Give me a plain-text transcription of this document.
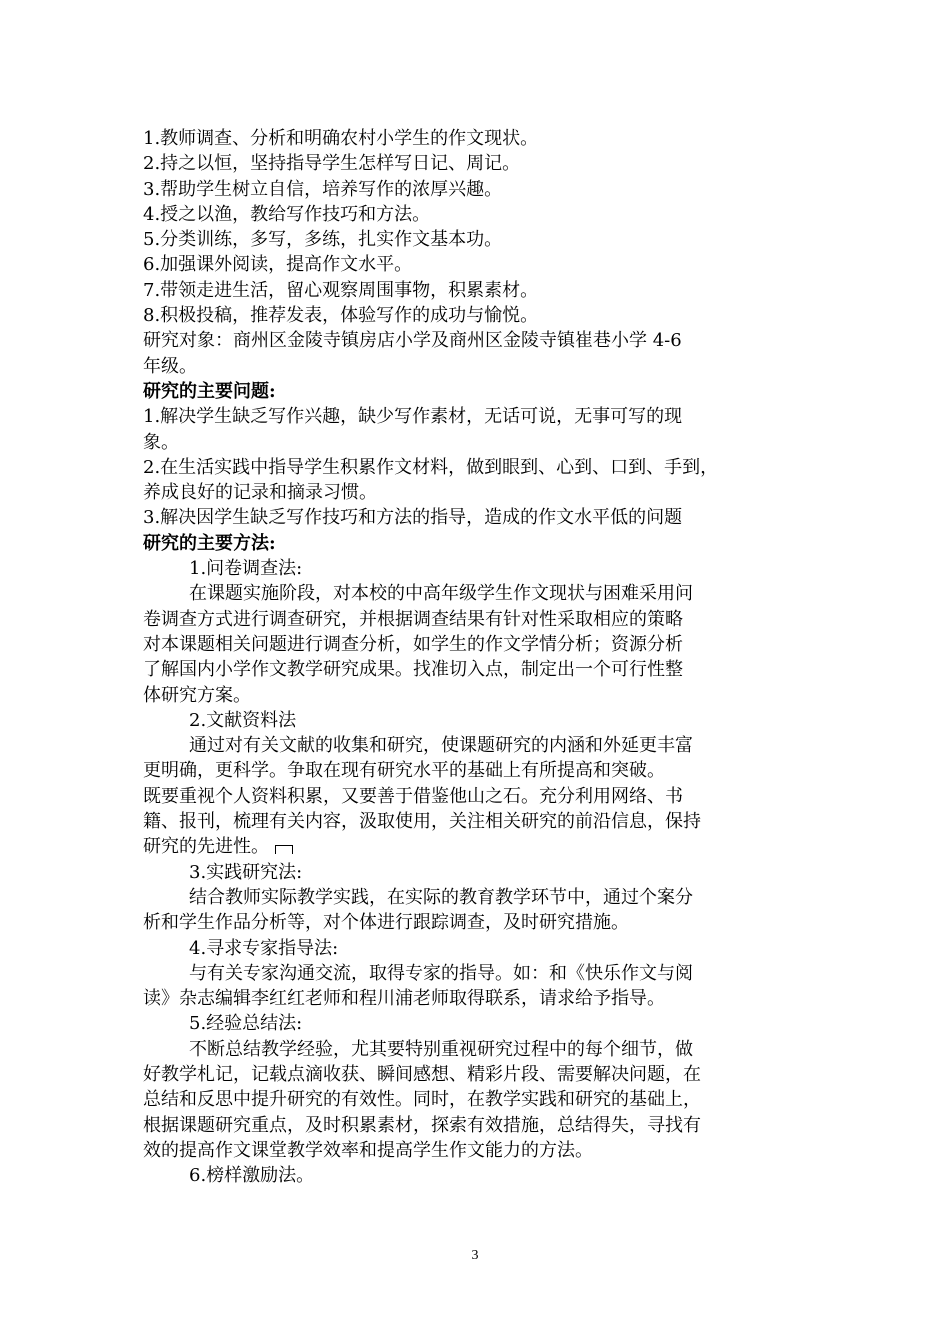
1.教师调查、分析和明确农村小学生的作文现状。
2.持之以恒，坚持指导学生怎样写日记、周记。
3.帮助学生树立自信，培养写作的浓厚兴趣。
4.授之以渔，教给写作技巧和方法。
5.分类训练，多写，多练，扎实作文基本功。
6.加强课外阅读，提高作文水平。
7.带领走进生活，留心观察周围事物，积累素材。
8.积极投稿，推荐发表，体验写作的成功与愉悦。
研究对象：商州区金陵寺镇房店小学及商州区金陵寺镇崔巷小学 4-6
年级。
研究的主要问题:
1.解决学生缺乏写作兴趣，缺少写作素材，无话可说，无事可写的现
象。
2.在生活实践中指导学生积累作文材料，做到眼到、心到、口到、手到，
养成良好的记录和摘录习惯。
3.解决因学生缺乏写作技巧和方法的指导，造成的作文水平低的问题
研究的主要方法:
1.问卷调查法:
在课题实施阶段，对本校的中高年级学生作文现状与困难采用问
卷调查方式进行调查研究，并根据调查结果有针对性采取相应的策略
对本课题相关问题进行调查分析，如学生的作文学情分析；资源分析
了解国内小学作文教学研究成果。找准切入点，制定出一个可行性整
体研究方案。
2.文献资料法
通过对有关文献的收集和研究，使课题研究的内涵和外延更丰富
更明确，更科学。争取在现有研究水平的基础上有所提高和突破。
既要重视个人资料积累，又要善于借鉴他山之石。充分利用网络、书
籍、报刊，梳理有关内容，汲取使用，关注相关研究的前沿信息，保持
研究的先进性。
3.实践研究法:
结合教师实际教学实践，在实际的教育教学环节中，通过个案分
析和学生作品分析等，对个体进行跟踪调查，及时研究措施。
4.寻求专家指导法:
与有关专家沟通交流，取得专家的指导。如：和《快乐作文与阅
读》杂志编辑李红红老师和程川浦老师取得联系，请求给予指导。
5.经验总结法:
不断总结教学经验，尤其要特别重视研究过程中的每个细节，做
好教学札记，记载点滴收获、瞬间感想、精彩片段、需要解决问题，在
总结和反思中提升研究的有效性。同时，在教学实践和研究的基础上，
根据课题研究重点，及时积累素材，探索有效措施，总结得失，寻找有
效的提高作文课堂教学效率和提高学生作文能力的方法。
6.榜样激励法。
3
